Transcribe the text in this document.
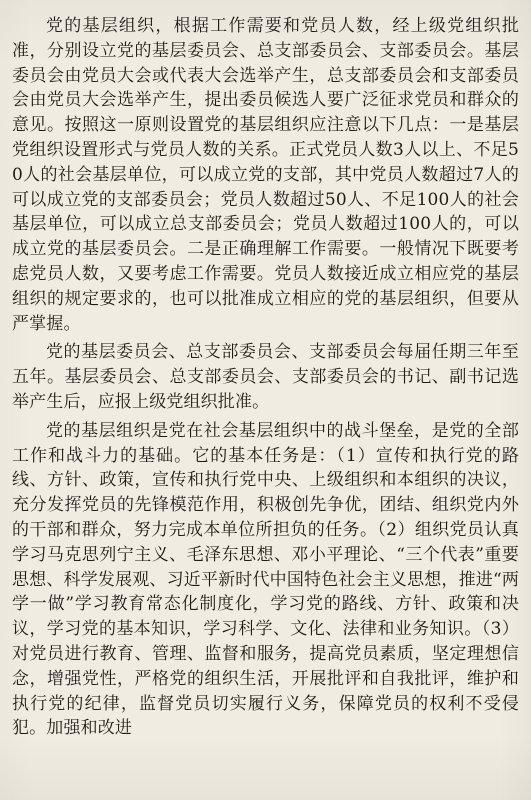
党的基层组织，根据工作需要和党员人数，经上级党组织批准，分别设立党的基层委员会、总支部委员会、支部委员会。基层委员会由党员大会或代表大会选举产生，总支部委员会和支部委员会由党员大会选举产生，提出委员候选人要广泛征求党员和群众的意见。按照这一原则设置党的基层组织应注意以下几点：一是基层党组织设置形式与党员人数的关系。正式党员人数3人以上、不足50人的社会基层单位，可以成立党的支部，其中党员人数超过7人的可以成立党的支部委员会；党员人数超过50人、不足100人的社会基层单位，可以成立总支部委员会；党员人数超过100人的，可以成立党的基层委员会。二是正确理解工作需要。一般情况下既要考虑党员人数，又要考虑工作需要。党员人数接近成立相应党的基层组织的规定要求的，也可以批准成立相应的党的基层组织，但要从严掌握。

党的基层委员会、总支部委员会、支部委员会每届任期三年至五年。基层委员会、总支部委员会、支部委员会的书记、副书记选举产生后，应报上级党组织批准。

党的基层组织是党在社会基层组织中的战斗堡垒，是党的全部工作和战斗力的基础。它的基本任务是：（1）宣传和执行党的路线、方针、政策，宣传和执行党中央、上级组织和本组织的决议，充分发挥党员的先锋模范作用，积极创先争优，团结、组织党内外的干部和群众，努力完成本单位所担负的任务。（2）组织党员认真学习马克思列宁主义、毛泽东思想、邓小平理论、“三个代表”重要思想、科学发展观、习近平新时代中国特色社会主义思想，推进“两学一做”学习教育常态化制度化，学习党的路线、方针、政策和决议，学习党的基本知识，学习科学、文化、法律和业务知识。（3）对党员进行教育、管理、监督和服务，提高党员素质，坚定理想信念，增强党性，严格党的组织生活，开展批评和自我批评，维护和执行党的纪律，监督党员切实履行义务，保障党员的权利不受侵犯。加强和改进
